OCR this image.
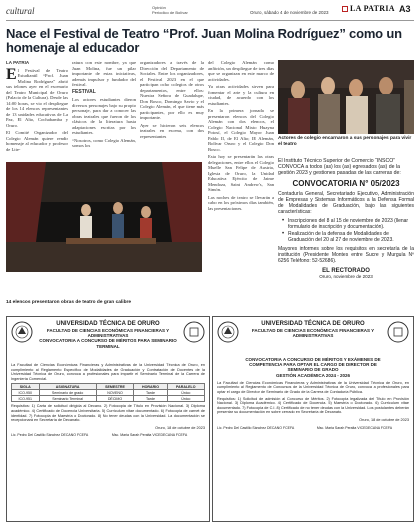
cultural	Opinión
Periodico de Bolívar	Oruro, sábado 4 de noviembre de 2023	LA PATRIA A3
Nace el Festival de Teatro “Prof. Juan Molina Rodríguez” como un homenaje al educador
LA PATRIA

El Festival de Teatro Estudiantil “Prof. Juan Molina Rodríguez” abrió sus telones ayer en el escenario del Teatro Municipal de Oruro (Palacio de la Cultura). Desde las 14:00 horas, se vio el despliegue de los 14 elencos representantes de 13 unidades educativas de La Paz, El Alto, Cochabamba y Oruro.

El Comité Organizador del Colegio Alemán quiere rendir homenaje al educador y profesor de Lite-

ratura con este nombre, ya que Juan Molina, fue un pilar importante de estas iniciativas, además impulsor y fundador del festival.

FESTIVAL

Los actores estudiantes dieron diversos personajes bajo su propio personaje, para dar a conocer las obras teatrales que fueron de los clásicos de la literatura hasta adaptaciones escritas por los estudiantes.

“Nosotros, como Colegio Alemán, somos los

organizadores a través de la Dirección del Departamento de Sociales. Entre los organizadores, el Festival 2023 en el que participan ocho colegios de otros departamentos, entre ellos: Nuestra Señora de Guadalupe, Don Bosco, Domingo Savio y el Colegio Alemán, el que tiene más participantes, por ello es muy importante.

Ayer se hicieron seis elencos teatrales en escena, con dos representantes

del Colegio Alemán como anfitrión, un despliegue de tres días que se organizan en este marco de actividades.

Ya otras actividades sirven para fomentar el arte y la cultura en ciudad, de acuerdo con los estudiantes.

En la primera jornada se presentaron elencos del Colegio Alemán con dos elencos, el Colegio Nacional Mixto Huayna Potosí, el Colegio Mayor Juan Pablo II, de El Alto; IE Alemán, Bolívar Oruro y el Colegio Don Bosco.

Esta hoy se presentarán las otras delegaciones, entre ellos el Colegio Muelle San Felipe de Austria, Iglesia de Oruro, la Unidad Educativa Ejército de Jaime Mendoza, Saint Andrew's, San Simón.

Las noches de teatro se llevarán a cabo en los próximos días también, las presentaciones.

Actores de colegio encarnaron a sus personajes para vivir el teatro
14 elencos presentaron obras de teatro de gran calibre
El Instituto Técnico Superior de Comercio “INSCO” CONVOCA a todos (as) los (as) egresados (as) de la gestión 2023 y gestiones pasadas de las carreras de:
CONVOCATORIA N° 05/2023
Contaduría General, Secretariado Ejecutivo, Administración de Empresas y Sistemas Informáticos a la Defensa Formal de Modalidades de Graduación, bajo las siguientes características:
• Inscripciones del 8 al 15 de noviembre de 2023 (llenar formulario de inscripción y documentación).
• Realización de la defensa de Modalidades de Graduación del 20 al 27 de noviembre de 2023.
Mayores informes sobre los requisitos en secretaría de la institución (Presidente Montes entre Sucre y Murguía Nº 6256 Teléfono: 52-52686).
EL RECTORADO
Oruro, noviembre de 2023
UNIVERSIDAD TÉCNICA DE ORURO
FACULTAD DE CIENCIAS ECONÓMICAS FINANCIERAS Y ADMINISTRATIVAS
CONVOCATORIA A CONCURSO DE MÉRITOS PARA SEMINARIO TERMINAL
La Facultad de Ciencias Económicas Financieras y Administrativas de la Universidad Técnica de Oruro, en cumplimiento al Reglamento Específico de Modalidades de Graduación y Contratación de Docentes de la Universidad Técnica de Oruro, convoca a profesionales para impartir el Seminario Terminal de la Carrera de Ingeniería Comercial.
SIGLA	ASIGNATURA	SEMESTRE	HORARIO	PARALELO
ICO-950	Seminario de grado	NOVENO	Tarde	Único
ICO-951	Seminario Terminal	DÉCIMO	Tarde	Único
Requisitos: 1) Carta de solicitud dirigida al Decano. 2) Fotocopia de Título en Provisión Nacional. 3) Diploma académico. 4) Certificado de Docencia Universitaria. 5) Curriculum vitae documentado. 6) Fotocopia de carnet de identidad. 7) Fotocopia de Maestría o Doctorado. 8) No tener deudas con la Universidad. La documentación se recepcionará en Secretaría de Decanato.
Oruro, 18 de octubre de 2023
Lic. Pedro Del Castillo Sánchez DECANO FCEFA	Msc. Maria Sarah Peralta VICEDECANA FCEFA
UNIVERSIDAD TÉCNICA DE ORURO
FACULTAD DE CIENCIAS ECONÓMICAS FINANCIERAS Y ADMINISTRATIVAS
CONVOCATORIA A CONCURSO DE MÉRITOS Y EXÁMENES DE COMPETENCIA PARA OPTAR EL CARGO DE DIRECTOR DE SEMINARIO DE GRADO
GESTIÓN ACADÉMICA 2024 - 2026
La Facultad de Ciencias Económicas Financieras y Administrativas de la Universidad Técnica de Oruro, en cumplimiento al Reglamento de Concursos de la Universidad Técnica de Oruro, convoca a profesionales para optar el cargo de Director de Seminario de Grado de la Carrera de Contaduría Pública.
Requisitos: 1) Solicitud de admisión al Concurso de Méritos. 2) Fotocopia legalizada del Título en Provisión Nacional. 3) Diploma Académico. 4) Certificado de Docencia. 5) Maestría o Doctorado. 6) Curriculum vitae documentado. 7) Fotocopia de C.I. 8) Certificado de no tener deudas con la Universidad. Los postulantes deberán presentar su documentación en sobre cerrado en Secretaría de Decanato.
Oruro, 18 de octubre de 2023
Lic. Pedro Del Castillo Sánchez DECANO FCEFA	Msc. Maria Sarah Peralta VICEDECANA FCEFA
